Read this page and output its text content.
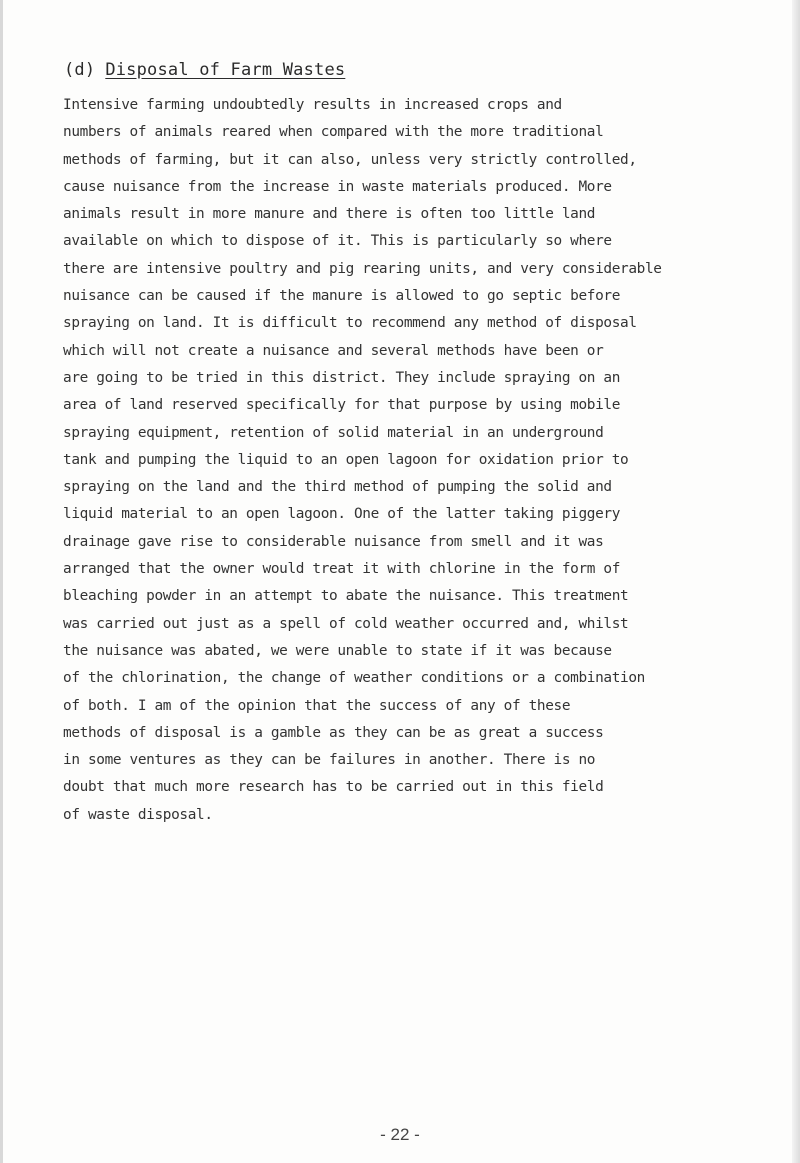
(d) Disposal of Farm Wastes
Intensive farming undoubtedly results in increased crops and
numbers of animals reared when compared with the more traditional
methods of farming, but it can also, unless very strictly controlled,
cause nuisance from the increase in waste materials produced. More
animals result in more manure and there is often too little land
available on which to dispose of it. This is particularly so where
there are intensive poultry and pig rearing units, and very considerable
nuisance can be caused if the manure is allowed to go septic before
spraying on land. It is difficult to recommend any method of disposal
which will not create a nuisance and several methods have been or
are going to be tried in this district. They include spraying on an
area of land reserved specifically for that purpose by using mobile
spraying equipment, retention of solid material in an underground
tank and pumping the liquid to an open lagoon for oxidation prior to
spraying on the land and the third method of pumping the solid and
liquid material to an open lagoon. One of the latter taking piggery
drainage gave rise to considerable nuisance from smell and it was
arranged that the owner would treat it with chlorine in the form of
bleaching powder in an attempt to abate the nuisance. This treatment
was carried out just as a spell of cold weather occurred and, whilst
the nuisance was abated, we were unable to state if it was because
of the chlorination, the change of weather conditions or a combination
of both. I am of the opinion that the success of any of these
methods of disposal is a gamble as they can be as great a success
in some ventures as they can be failures in another. There is no
doubt that much more research has to be carried out in this field
of waste disposal.
- 22 -
